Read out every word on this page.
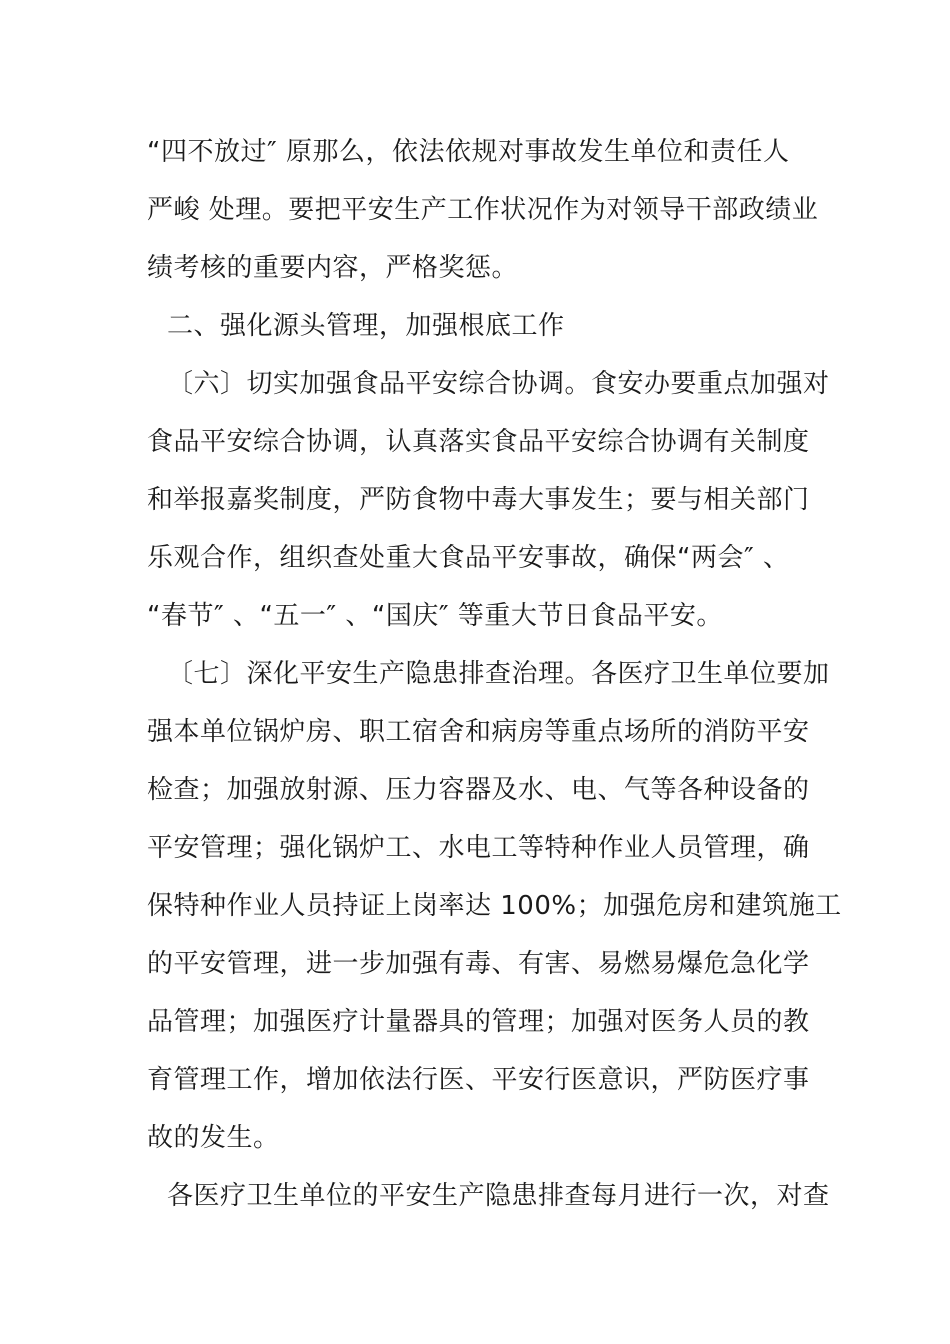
“四不放过″ 原那么，依法依规对事故发生单位和责任人
严峻 处理。要把平安生产工作状况作为对领导干部政绩业
绩考核的重要内容，严格奖惩。
二、强化源头管理，加强根底工作
〔六〕切实加强食品平安综合协调。食安办要重点加强对
食品平安综合协调，认真落实食品平安综合协调有关制度
和举报嘉奖制度，严防食物中毒大事发生；要与相关部门
乐观合作，组织查处重大食品平安事故，确保“两会″ 、
“春节″ 、“五一″ 、“国庆″ 等重大节日食品平安。
〔七〕深化平安生产隐患排查治理。各医疗卫生单位要加
强本单位锅炉房、职工宿舍和病房等重点场所的消防平安
检查；加强放射源、压力容器及水、电、气等各种设备的
平安管理；强化锅炉工、水电工等特种作业人员管理，确
保特种作业人员持证上岗率达 100%；加强危房和建筑施工
的平安管理，进一步加强有毒、有害、易燃易爆危急化学
品管理；加强医疗计量器具的管理；加强对医务人员的教
育管理工作，增加依法行医、平安行医意识，严防医疗事
故的发生。
各医疗卫生单位的平安生产隐患排查每月进行一次，对查
